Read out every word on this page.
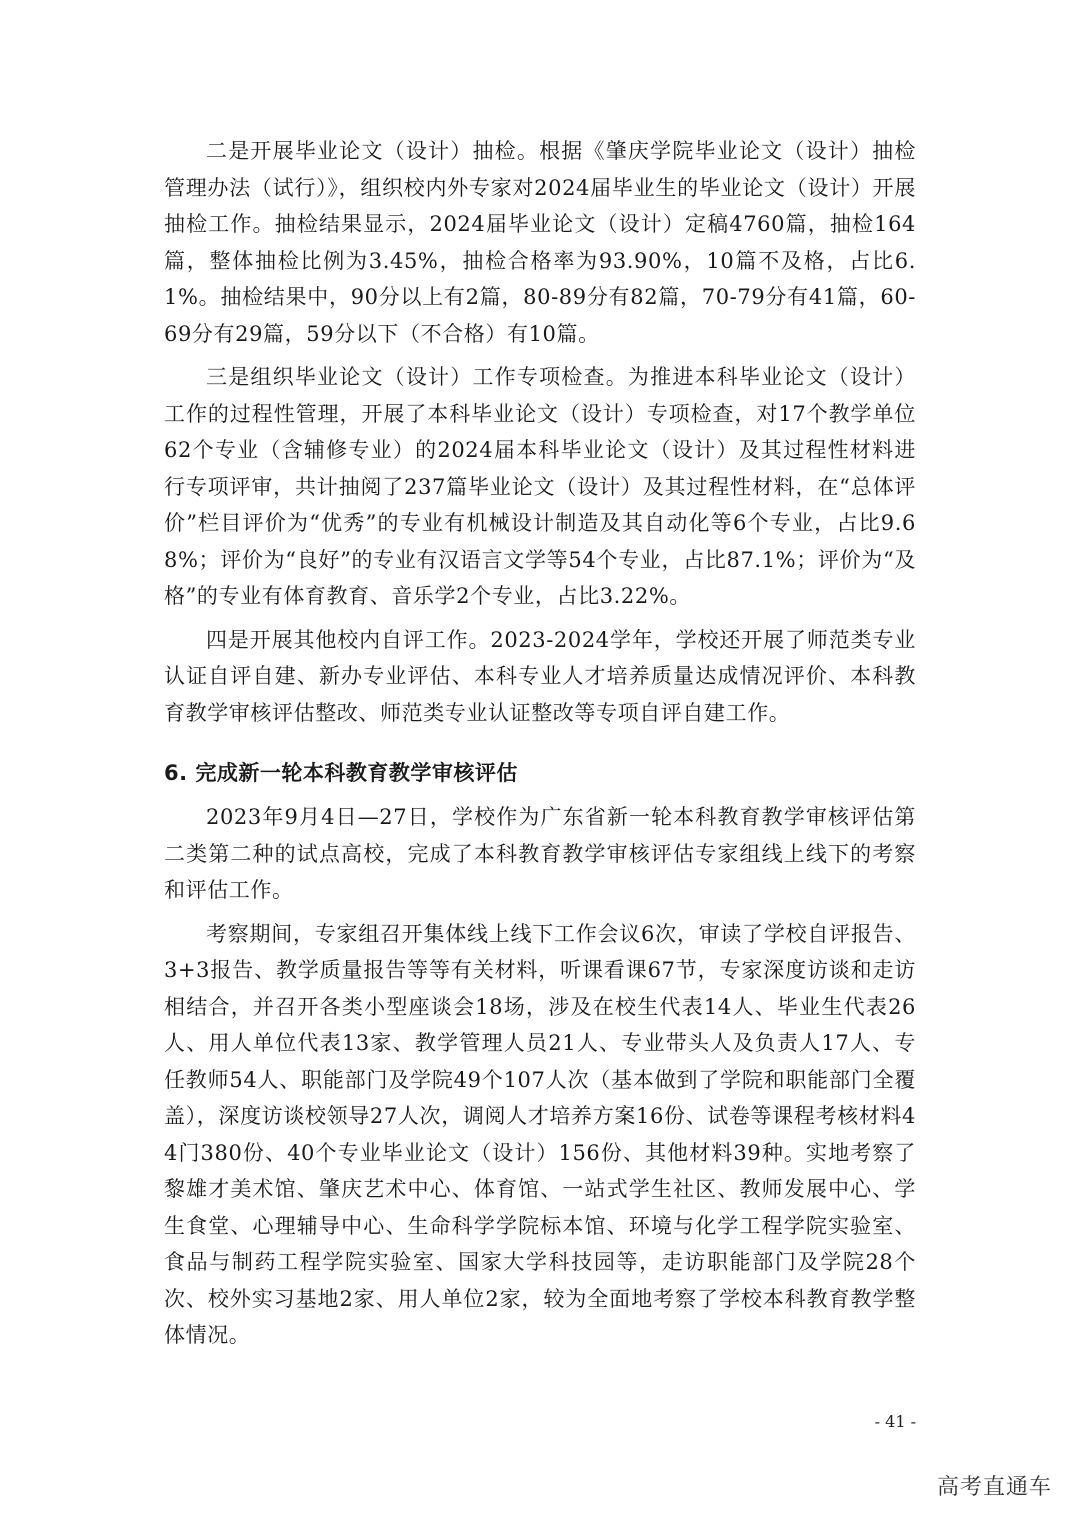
二是开展毕业论文（设计）抽检。根据《肇庆学院毕业论文（设计）抽检管理办法（试行）》，组织校内外专家对2024届毕业生的毕业论文（设计）开展抽检工作。抽检结果显示，2024届毕业论文（设计）定稿4760篇，抽检164篇，整体抽检比例为3.45%，抽检合格率为93.90%，10篇不及格，占比6.1%。抽检结果中，90分以上有2篇，80-89分有82篇，70-79分有41篇，60-69分有29篇，59分以下（不合格）有10篇。

三是组织毕业论文（设计）工作专项检查。为推进本科毕业论文（设计）工作的过程性管理，开展了本科毕业论文（设计）专项检查，对17个教学单位62个专业（含辅修专业）的2024届本科毕业论文（设计）及其过程性材料进行专项评审，共计抽阅了237篇毕业论文（设计）及其过程性材料，在“总体评价”栏目评价为“优秀”的专业有机械设计制造及其自动化等6个专业，占比9.68%；评价为“良好”的专业有汉语言文学等54个专业，占比87.1%；评价为“及格”的专业有体育教育、音乐学2个专业，占比3.22%。

四是开展其他校内自评工作。2023-2024学年，学校还开展了师范类专业认证自评自建、新办专业评估、本科专业人才培养质量达成情况评价、本科教育教学审核评估整改、师范类专业认证整改等专项自评自建工作。

6. 完成新一轮本科教育教学审核评估

2023年9月4日—27日，学校作为广东省新一轮本科教育教学审核评估第二类第二种的试点高校，完成了本科教育教学审核评估专家组线上线下的考察和评估工作。

考察期间，专家组召开集体线上线下工作会议6次，审读了学校自评报告、3+3报告、教学质量报告等等有关材料，听课看课67节，专家深度访谈和走访相结合，并召开各类小型座谈会18场，涉及在校生代表14人、毕业生代表26人、用人单位代表13家、教学管理人员21人、专业带头人及负责人17人、专任教师54人、职能部门及学院49个107人次（基本做到了学院和职能部门全覆盖），深度访谈校领导27人次，调阅人才培养方案16份、试卷等课程考核材料44门380份、40个专业毕业论文（设计）156份、其他材料39种。实地考察了黎雄才美术馆、肇庆艺术中心、体育馆、一站式学生社区、教师发展中心、学生食堂、心理辅导中心、生命科学学院标本馆、环境与化学工程学院实验室、食品与制药工程学院实验室、国家大学科技园等，走访职能部门及学院28个次、校外实习基地2家、用人单位2家，较为全面地考察了学校本科教育教学整体情况。

- 41 -
高考直通车
